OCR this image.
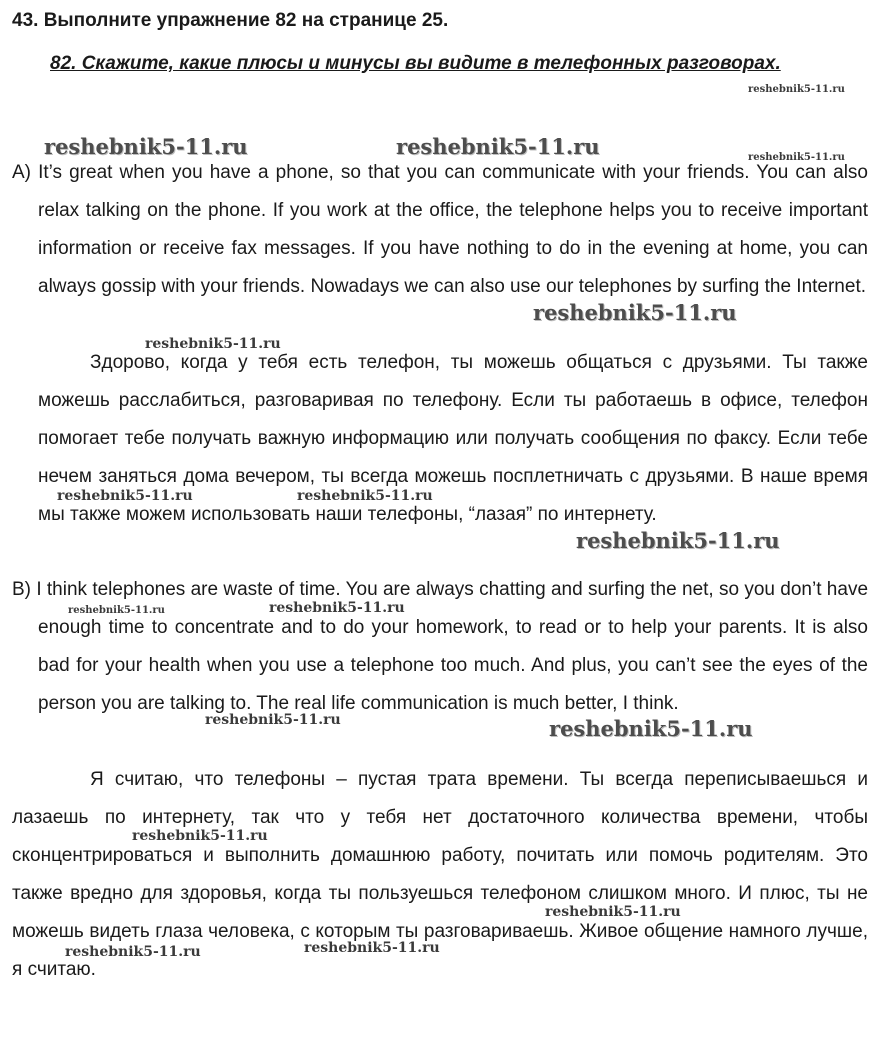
43. Выполните упражнение 82 на странице 25.

82. Скажите, какие плюсы и минусы вы видите в телефонных разговорах.

A) It’s great when you have a phone, so that you can communicate with your friends. You can also relax talking on the phone. If you work at the office, the telephone helps you to receive important information or receive fax messages. If you have nothing to do in the evening at home, you can always gossip with your friends. Nowadays we can also use our telephones by surfing the Internet.

Здорово, когда у тебя есть телефон, ты можешь общаться с друзьями. Ты также можешь расслабиться, разговаривая по телефону. Если ты работаешь в офисе, телефон помогает тебе получать важную информацию или получать сообщения по факсу. Если тебе нечем заняться дома вечером, ты всегда можешь посплетничать с друзьями. В наше время мы также можем использовать наши телефоны, “лазая” по интернету.

B) I think telephones are waste of time. You are always chatting and surfing the net, so you don’t have enough time to concentrate and to do your homework, to read or to help your parents. It is also bad for your health when you use a telephone too much. And plus, you can’t see the eyes of the person you are talking to. The real life communication is much better, I think.

Я считаю, что телефоны – пустая трата времени. Ты всегда переписываешься и лазаешь по интернету, так что у тебя нет достаточного количества времени, чтобы сконцентрироваться и выполнить домашнюю работу, почитать или помочь родителям. Это также вредно для здоровья, когда ты пользуешься телефоном слишком много. И плюс, ты не можешь видеть глаза человека, с которым ты разговариваешь. Живое общение намного лучше, я считаю.

reshebnik5-11.ru
reshebnik5-11.ru	reshebnik5-11.ru	reshebnik5-11.ru
reshebnik5-11.ru
reshebnik5-11.ru
reshebnik5-11.ru	reshebnik5-11.ru
reshebnik5-11.ru
reshebnik5-11.ru	reshebnik5-11.ru
reshebnik5-11.ru	reshebnik5-11.ru
reshebnik5-11.ru
reshebnik5-11.ru
reshebnik5-11.ru	reshebnik5-11.ru
